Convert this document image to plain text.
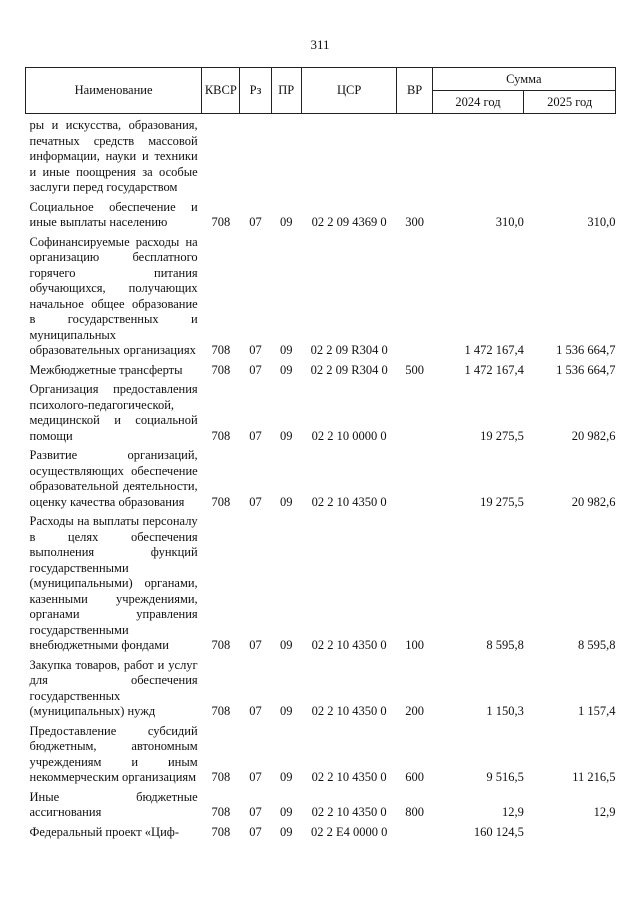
311
Наименование	КВСР	Рз	ПР	ЦСР	ВР	Сумма	
						2024 год	2025 год
ры и искусства, образования, печатных средств массовой информации, науки и техники и иные поощрения за особые заслуги перед государством							
Социальное обеспечение и иные выплаты населению	708	07	09	02 2 09 4369 0	300	310,0	310,0
Софинансируемые расходы на организацию бесплатного горячего питания обучающихся, получающих начальное общее образование в государственных и муниципальных образовательных организациях	708	07	09	02 2 09 R304 0		1 472 167,4	1 536 664,7
Межбюджетные трансферты	708	07	09	02 2 09 R304 0	500	1 472 167,4	1 536 664,7
Организация предоставления психолого-педагогической, медицинской и социальной помощи	708	07	09	02 2 10 0000 0		19 275,5	20 982,6
Развитие организаций, осуществляющих обеспечение образовательной деятельности, оценку качества образования	708	07	09	02 2 10 4350 0		19 275,5	20 982,6
Расходы на выплаты персоналу в целях обеспечения выполнения функций государственными (муниципальными) органами, казенными учреждениями, органами управления государственными внебюджетными фондами	708	07	09	02 2 10 4350 0	100	8 595,8	8 595,8
Закупка товаров, работ и услуг для обеспечения государственных (муниципальных) нужд	708	07	09	02 2 10 4350 0	200	1 150,3	1 157,4
Предоставление субсидий бюджетным, автономным учреждениям и иным некоммерческим организациям	708	07	09	02 2 10 4350 0	600	9 516,5	11 216,5
Иные бюджетные ассигнования	708	07	09	02 2 10 4350 0	800	12,9	12,9
Федеральный проект «Циф-	708	07	09	02 2 E4 0000 0		160 124,5	
